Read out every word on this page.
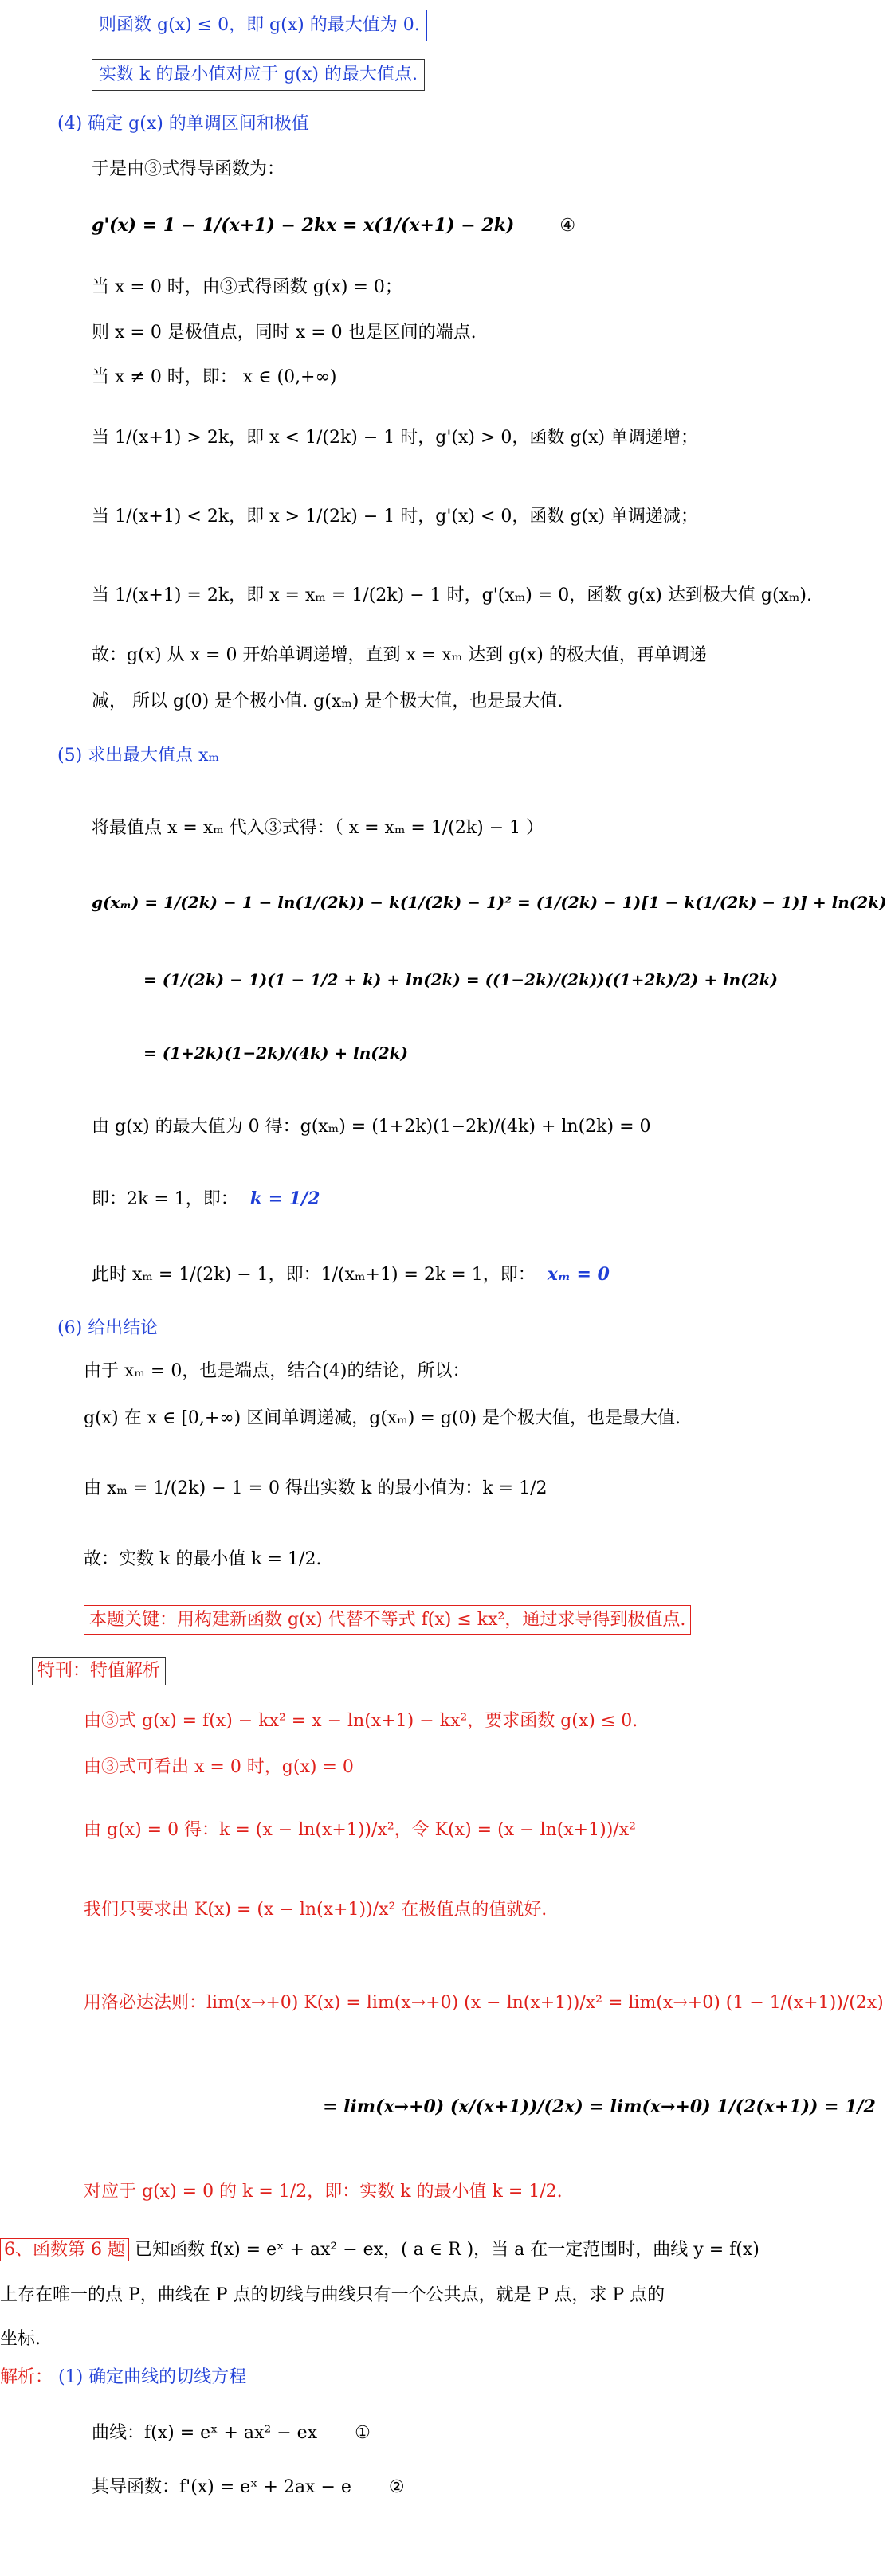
则函数 g(x) ≤ 0，即 g(x) 的最大值为 0.
实数 k 的最小值对应于 g(x) 的最大值点.
(4) 确定 g(x) 的单调区间和极值
于是由③式得导函数为：
g'(x) = 1 − 1/(x+1) − 2kx = x(1/(x+1) − 2k)	④
当 x = 0 时，由③式得函数 g(x) = 0；
则 x = 0 是极值点，同时 x = 0 也是区间的端点.
当 x ≠ 0 时，即： x ∈ (0,+∞)
当 1/(x+1) > 2k，即 x < 1/(2k) − 1 时，g'(x) > 0，函数 g(x) 单调递增；
当 1/(x+1) < 2k，即 x > 1/(2k) − 1 时，g'(x) < 0，函数 g(x) 单调递减；
当 1/(x+1) = 2k，即 x = xₘ = 1/(2k) − 1 时，g'(xₘ) = 0，函数 g(x) 达到极大值 g(xₘ).
故：g(x) 从 x = 0 开始单调递增，直到 x = xₘ 达到 g(x) 的极大值，再单调递
减， 所以 g(0) 是个极小值. g(xₘ) 是个极大值，也是最大值.
(5) 求出最大值点 xₘ
将最值点 x = xₘ 代入③式得：（ x = xₘ = 1/(2k) − 1 ）
g(xₘ) = 1/(2k) − 1 − ln(1/(2k)) − k(1/(2k) − 1)² = (1/(2k) − 1)[1 − k(1/(2k) − 1)] + ln(2k)
= (1/(2k) − 1)(1 − 1/2 + k) + ln(2k) = ((1−2k)/(2k))((1+2k)/2) + ln(2k)
= (1+2k)(1−2k)/(4k) + ln(2k)
由 g(x) 的最大值为 0 得：g(xₘ) = (1+2k)(1−2k)/(4k) + ln(2k) = 0
即：2k = 1，即： k = 1/2
此时 xₘ = 1/(2k) − 1，即：1/(xₘ+1) = 2k = 1，即： xₘ = 0
(6) 给出结论
由于 xₘ = 0，也是端点，结合(4)的结论，所以：
g(x) 在 x ∈ [0,+∞) 区间单调递减，g(xₘ) = g(0) 是个极大值，也是最大值.
由 xₘ = 1/(2k) − 1 = 0 得出实数 k 的最小值为：k = 1/2
故：实数 k 的最小值 k = 1/2.
本题关键：用构建新函数 g(x) 代替不等式 f(x) ≤ kx²，通过求导得到极值点.
特刊：特值解析
由③式 g(x) = f(x) − kx² = x − ln(x+1) − kx²，要求函数 g(x) ≤ 0.
由③式可看出 x = 0 时，g(x) = 0
由 g(x) = 0 得：k = (x − ln(x+1))/x²，令 K(x) = (x − ln(x+1))/x²
我们只要求出 K(x) = (x − ln(x+1))/x² 在极值点的值就好.
用洛必达法则：lim(x→+0) K(x) = lim(x→+0) (x − ln(x+1))/x² = lim(x→+0) (1 − 1/(x+1))/(2x)
= lim(x→+0) (x/(x+1))/(2x) = lim(x→+0) 1/(2(x+1)) = 1/2
对应于 g(x) = 0 的 k = 1/2，即：实数 k 的最小值 k = 1/2.
6、函数第 6 题 已知函数 f(x) = eˣ + ax² − ex，( a ∈ R )，当 a 在一定范围时，曲线 y = f(x)
上存在唯一的点 P，曲线在 P 点的切线与曲线只有一个公共点，就是 P 点，求 P 点的
坐标.
解析： (1) 确定曲线的切线方程
曲线：f(x) = eˣ + ax² − ex ①
其导函数：f'(x) = eˣ + 2ax − e ②
